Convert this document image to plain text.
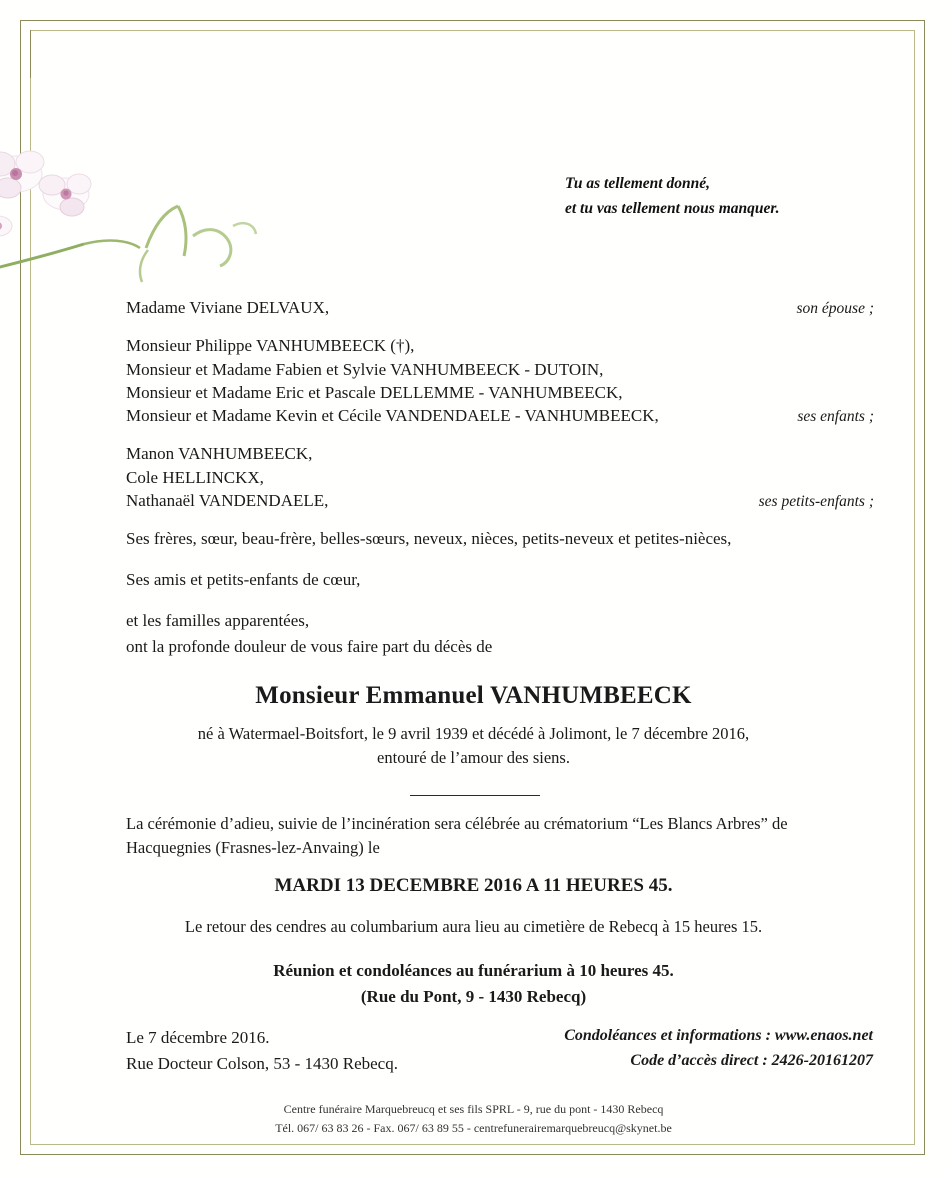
Tu as tellement donné,
et tu vas tellement nous manquer.
Madame Viviane DELVAUX,	son épouse ;
Monsieur Philippe VANHUMBEECK (†),
Monsieur et Madame Fabien et Sylvie VANHUMBEECK - DUTOIN,
Monsieur et Madame Eric et Pascale DELLEMME - VANHUMBEECK,
Monsieur et Madame Kevin et Cécile VANDENDAELE - VANHUMBEECK,	ses enfants ;
Manon VANHUMBEECK,
Cole HELLINCKX,
Nathanaël VANDENDAELE,	ses petits-enfants ;
Ses frères, sœur, beau-frère, belles-sœurs, neveux, nièces, petits-neveux et petites-nièces,
Ses amis et petits-enfants de cœur,
et les familles apparentées,
ont la profonde douleur de vous faire part du décès de
Monsieur Emmanuel VANHUMBEECK
né à Watermael-Boitsfort, le 9 avril 1939 et décédé à Jolimont, le 7 décembre 2016,
entouré de l’amour des siens.
La cérémonie d’adieu, suivie de l’incinération sera célébrée au crématorium “Les Blancs Arbres” de
Hacquegnies (Frasnes-lez-Anvaing) le
MARDI 13 DECEMBRE 2016 A 11 HEURES 45.
Le retour des cendres au columbarium aura lieu au cimetière de Rebecq à 15 heures 15.
Réunion et condoléances au funérarium à 10 heures 45.
(Rue du Pont, 9 - 1430 Rebecq)
Le 7 décembre 2016.
Rue Docteur Colson, 53 - 1430 Rebecq.
Condoléances et informations : www.enaos.net
Code d’accès direct : 2426-20161207
Centre funéraire Marquebreucq et ses fils SPRL - 9, rue du pont - 1430 Rebecq
Tél. 067/ 63 83 26 - Fax. 067/ 63 89 55 - centrefunerairemarquebreucq@skynet.be
